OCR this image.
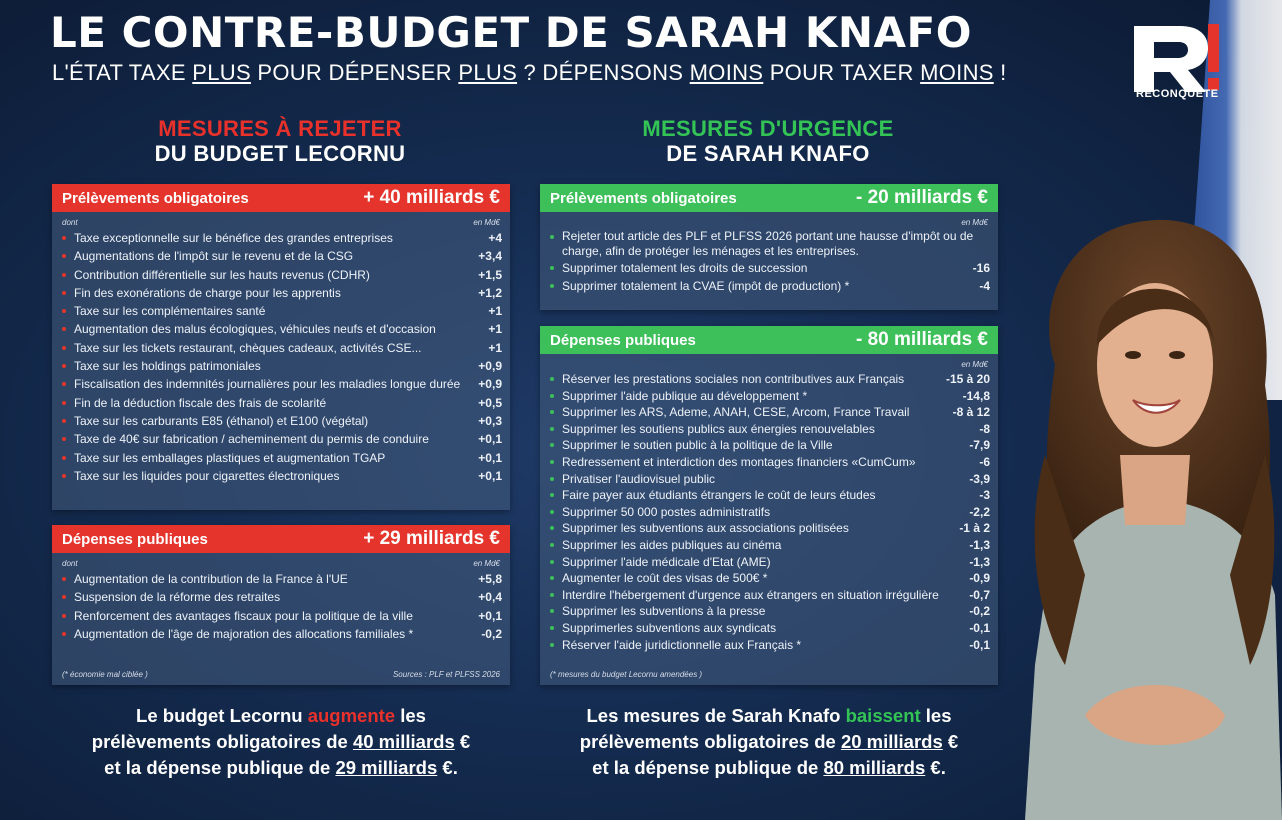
LE CONTRE-BUDGET DE SARAH KNAFO
L'ÉTAT TAXE PLUS POUR DÉPENSER PLUS ? DÉPENSONS MOINS POUR TAXER MOINS !
RECONQUÊTE
MESURES À REJETER
DU BUDGET LECORNU
MESURES D'URGENCE
DE SARAH KNAFO
Prélèvements obligatoires	+ 40 milliards €
dont	en Md€
Taxe exceptionnelle sur le bénéfice des grandes entreprises	+4
Augmentations de l'impôt sur le revenu et de la CSG	+3,4
Contribution différentielle sur les hauts revenus (CDHR)	+1,5
Fin des exonérations de charge pour les apprentis	+1,2
Taxe sur les complémentaires santé	+1
Augmentation des malus écologiques, véhicules neufs et d'occasion	+1
Taxe sur les tickets restaurant, chèques cadeaux, activités CSE...	+1
Taxe sur les holdings patrimoniales	+0,9
Fiscalisation des indemnités journalières pour les maladies longue durée	+0,9
Fin de la déduction fiscale des frais de scolarité	+0,5
Taxe sur les carburants E85 (éthanol) et E100 (végétal)	+0,3
Taxe de 40€ sur fabrication / acheminement du permis de conduire	+0,1
Taxe sur les emballages plastiques et augmentation TGAP	+0,1
Taxe sur les liquides pour cigarettes électroniques	+0,1
Dépenses publiques	+ 29 milliards €
dont	en Md€
Augmentation de la contribution de la France à l'UE	+5,8
Suspension de la réforme des retraites	+0,4
Renforcement des avantages fiscaux pour la politique de la ville	+0,1
Augmentation de l'âge de majoration des allocations familiales *	-0,2
(* économie mal ciblée )	Sources : PLF et PLFSS 2026
Prélèvements obligatoires	- 20 milliards €
en Md€
Rejeter tout article des PLF et PLFSS 2026 portant une hausse d'impôt ou de charge, afin de protéger les ménages et les entreprises.
Supprimer totalement les droits de succession	-16
Supprimer totalement la CVAE (impôt de production) *	-4
Dépenses publiques	- 80 milliards €
en Md€
Réserver les prestations sociales non contributives aux Français	-15 à 20
Supprimer l'aide publique au développement *	-14,8
Supprimer les ARS, Ademe, ANAH, CESE, Arcom, France Travail	-8 à 12
Supprimer les soutiens publics aux énergies renouvelables	-8
Supprimer le soutien public à la politique de la Ville	-7,9
Redressement et interdiction des montages financiers «CumCum»	-6
Privatiser l'audiovisuel public	-3,9
Faire payer aux étudiants étrangers le coût de leurs études	-3
Supprimer 50 000 postes administratifs	-2,2
Supprimer les subventions aux associations politisées	-1 à 2
Supprimer les aides publiques au cinéma	-1,3
Supprimer l'aide médicale d'Etat (AME)	-1,3
Augmenter le coût des visas de 500€ *	-0,9
Interdire l'hébergement d'urgence aux étrangers en situation irrégulière	-0,7
Supprimer les subventions à la presse	-0,2
Supprimerles subventions aux syndicats	-0,1
Réserver l'aide juridictionnelle aux Français *	-0,1
(* mesures du budget Lecornu amendées )
Le budget Lecornu augmente les
prélèvements obligatoires de 40 milliards €
et la dépense publique de 29 milliards €.
Les mesures de Sarah Knafo baissent les
prélèvements obligatoires de 20 milliards €
et la dépense publique de 80 milliards €.
